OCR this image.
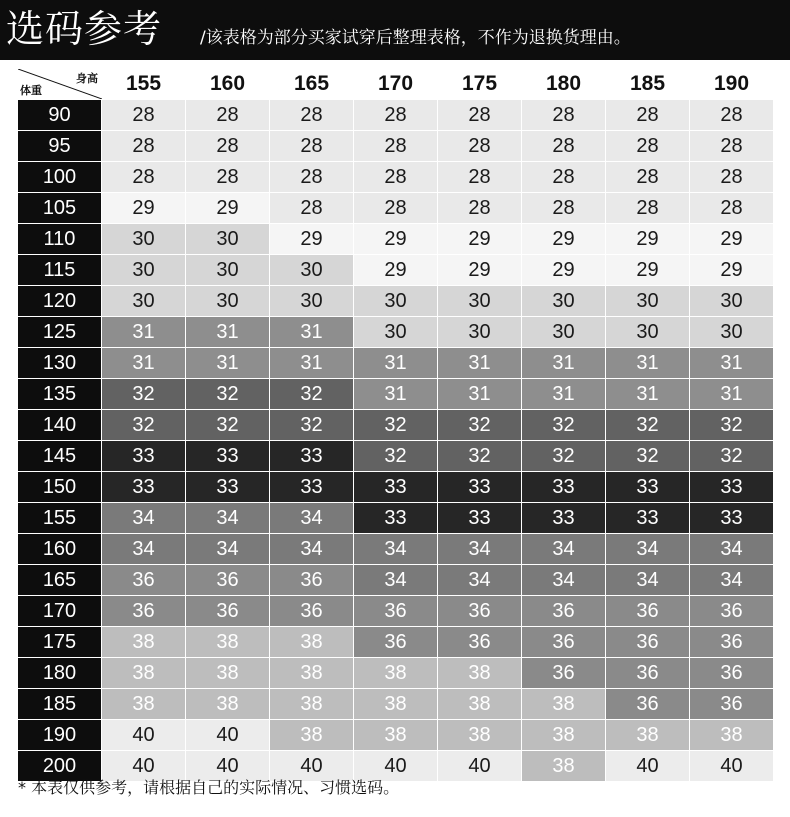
选码参考 /该表格为部分买家试穿后整理表格，不作为退换货理由。
身高
体重	155	160	165	170	175	180	185	190
90	28	28	28	28	28	28	28	28
95	28	28	28	28	28	28	28	28
100	28	28	28	28	28	28	28	28
105	29	29	28	28	28	28	28	28
110	30	30	29	29	29	29	29	29
115	30	30	30	29	29	29	29	29
120	30	30	30	30	30	30	30	30
125	31	31	31	30	30	30	30	30
130	31	31	31	31	31	31	31	31
135	32	32	32	31	31	31	31	31
140	32	32	32	32	32	32	32	32
145	33	33	33	32	32	32	32	32
150	33	33	33	33	33	33	33	33
155	34	34	34	33	33	33	33	33
160	34	34	34	34	34	34	34	34
165	36	36	36	34	34	34	34	34
170	36	36	36	36	36	36	36	36
175	38	38	38	36	36	36	36	36
180	38	38	38	38	38	36	36	36
185	38	38	38	38	38	38	36	36
190	40	40	38	38	38	38	38	38
200	40	40	40	40	40	38	40	40
* 本表仅供参考，请根据自己的实际情况、习惯选码。
